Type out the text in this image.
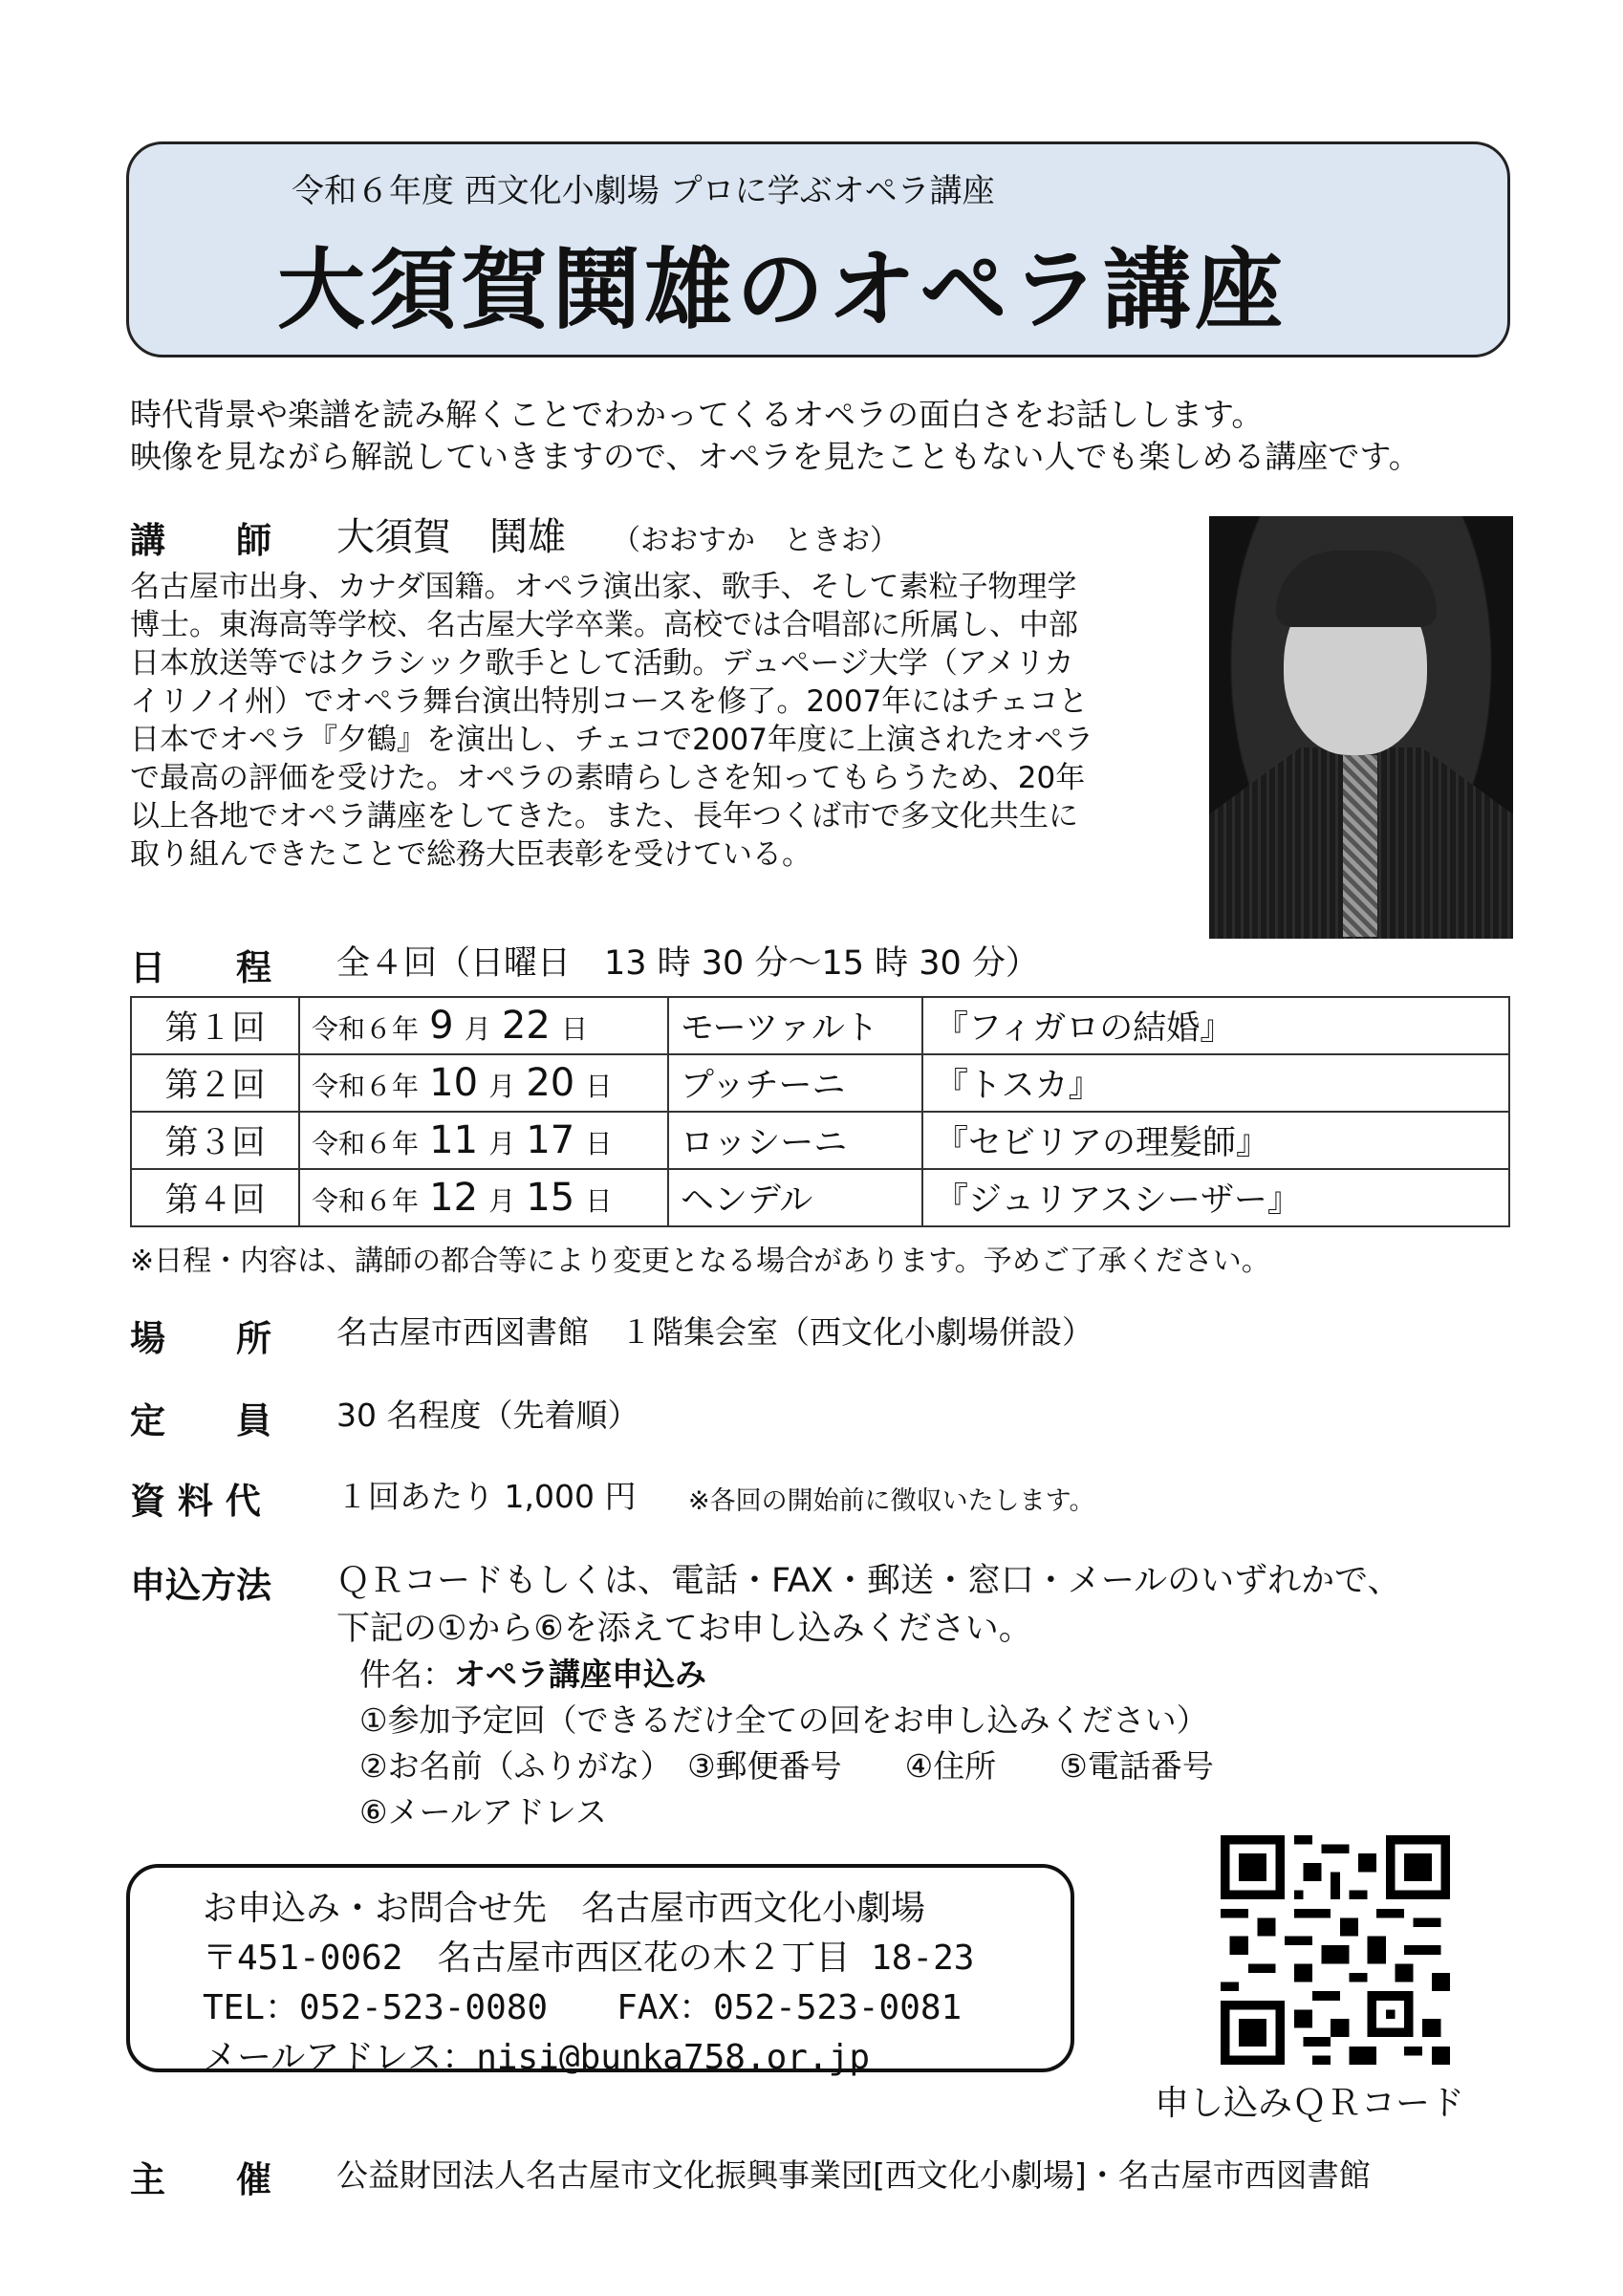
令和６年度 西文化小劇場 プロに学ぶオペラ講座
大須賀鬨雄のオペラ講座
時代背景や楽譜を読み解くことでわかってくるオペラの面白さをお話しします。
映像を見ながら解説していきますので、オペラを見たこともない人でも楽しめる講座です。
講　　師 大須賀　鬨雄 （おおすか　ときお）
名古屋市出身、カナダ国籍。オペラ演出家、歌手、そして素粒子物理学
博士。東海高等学校、名古屋大学卒業。高校では合唱部に所属し、中部
日本放送等ではクラシック歌手として活動。デュページ大学（アメリカ
イリノイ州）でオペラ舞台演出特別コースを修了。2007年にはチェコと
日本でオペラ『夕鶴』を演出し、チェコで2007年度に上演されたオペラ
で最高の評価を受けた。オペラの素晴らしさを知ってもらうため、20年
以上各地でオペラ講座をしてきた。また、長年つくば市で多文化共生に
取り組んできたことで総務大臣表彰を受けている。
日　　程 全４回（日曜日　13 時 30 分～15 時 30 分）
第１回	令和６年 9 月 22 日	モーツァルト	『フィガロの結婚』
第２回	令和６年 10 月 20 日	プッチーニ	『トスカ』
第３回	令和６年 11 月 17 日	ロッシーニ	『セビリアの理髪師』
第４回	令和６年 12 月 15 日	ヘンデル	『ジュリアスシーザー』
※日程・内容は、講師の都合等により変更となる場合があります。予めご了承ください。
場　　所 名古屋市西図書館　１階集会室（西文化小劇場併設）
定　　員 30 名程度（先着順）
資 料 代 １回あたり 1,000 円 ※各回の開始前に徴収いたします。
申込方法 ＱＲコードもしくは、電話・FAX・郵送・窓口・メールのいずれかで、
下記の①から⑥を添えてお申し込みください。
件名：オペラ講座申込み
①参加予定回（できるだけ全ての回をお申し込みください）
②お名前（ふりがな）　③郵便番号　　④住所　　⑤電話番号
⑥メールアドレス
お申込み・お問合せ先　名古屋市西文化小劇場
〒451-0062　名古屋市西区花の木２丁目 18-23
TEL：052-523-0080　　FAX：052-523-0081
メールアドレス：nisi@bunka758.or.jp
申し込みＱＲコード
主　　催 公益財団法人名古屋市文化振興事業団[西文化小劇場]・名古屋市西図書館
